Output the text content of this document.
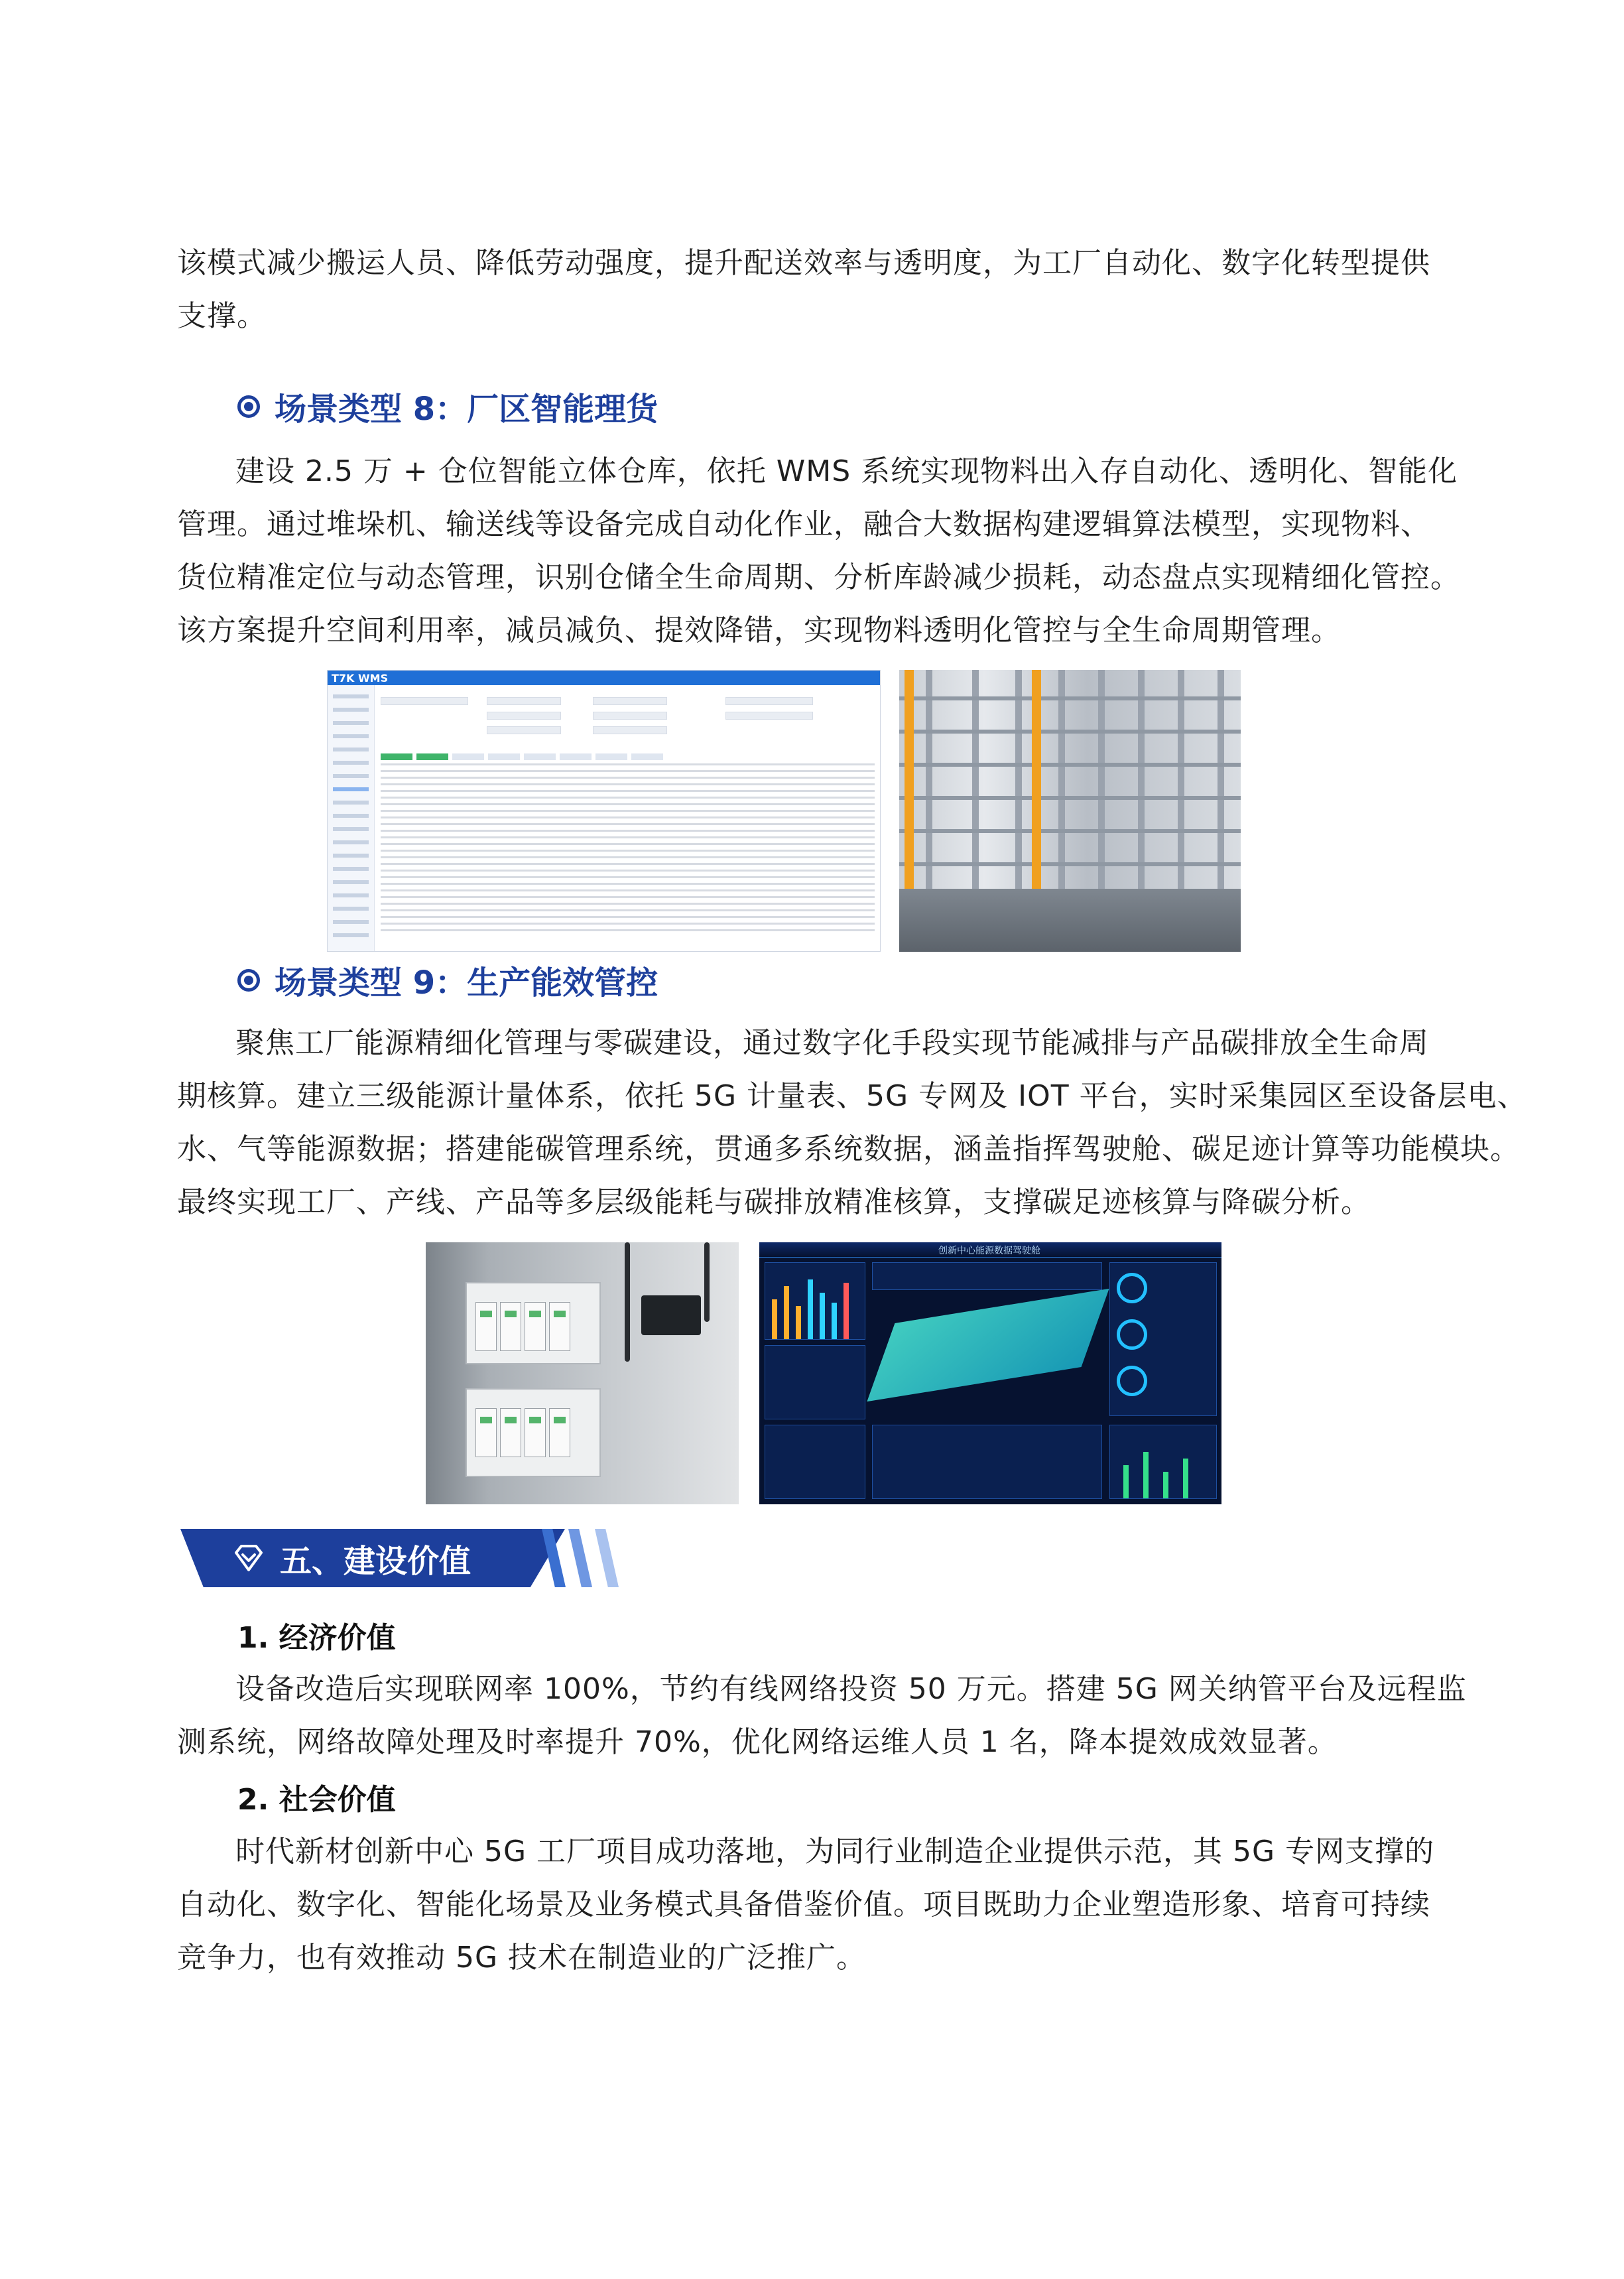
该模式减少搬运人员、降低劳动强度，提升配送效率与透明度，为工厂自动化、数字化转型提供
支撑。

场景类型 8：厂区智能理货

建设 2.5 万 + 仓位智能立体仓库，依托 WMS 系统实现物料出入存自动化、透明化、智能化
管理。通过堆垛机、输送线等设备完成自动化作业，融合大数据构建逻辑算法模型，实现物料、
货位精准定位与动态管理，识别仓储全生命周期、分析库龄减少损耗，动态盘点实现精细化管控。
该方案提升空间利用率，减员减负、提效降错，实现物料透明化管控与全生命周期管理。

T7K WMS
场景类型 9：生产能效管控

聚焦工厂能源精细化管理与零碳建设，通过数字化手段实现节能减排与产品碳排放全生命周
期核算。建立三级能源计量体系，依托 5G 计量表、5G 专网及 IOT 平台，实时采集园区至设备层电、
水、气等能源数据；搭建能碳管理系统，贯通多系统数据，涵盖指挥驾驶舱、碳足迹计算等功能模块。
最终实现工厂、产线、产品等多层级能耗与碳排放精准核算，支撑碳足迹核算与降碳分析。

创新中心能源数据驾驶舱
五、建设价值
1. 经济价值

设备改造后实现联网率 100%，节约有线网络投资 50 万元。搭建 5G 网关纳管平台及远程监
测系统，网络故障处理及时率提升 70%，优化网络运维人员 1 名，降本提效成效显著。

2. 社会价值

时代新材创新中心 5G 工厂项目成功落地，为同行业制造企业提供示范，其 5G 专网支撑的
自动化、数字化、智能化场景及业务模式具备借鉴价值。项目既助力企业塑造形象、培育可持续
竞争力，也有效推动 5G 技术在制造业的广泛推广。
